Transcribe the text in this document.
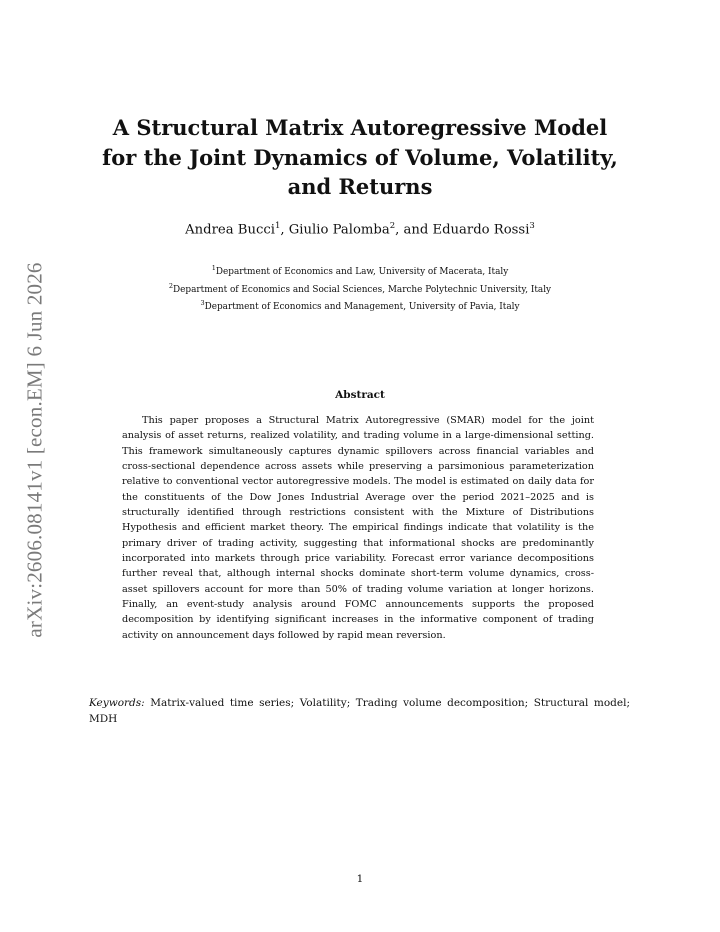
arXiv:2606.08141v1 [econ.EM] 6 Jun 2026
A Structural Matrix Autoregressive Model
for the Joint Dynamics of Volume, Volatility,
and Returns
Andrea Bucci$^1$, Giulio Palomba$^2$, and Eduardo Rossi$^3$
$^1$Department of Economics and Law, University of Macerata, Italy
$^2$Department of Economics and Social Sciences, Marche Polytechnic University, Italy
$^3$Department of Economics and Management, University of Pavia, Italy
Abstract

This paper proposes a Structural Matrix Autoregressive (SMAR) model for the joint analysis of asset returns, realized volatility, and trading volume in a large-dimensional setting. This framework simultaneously captures dynamic spillovers across financial variables and cross-sectional dependence across assets while preserving a parsimonious parameterization relative to conventional vector autoregressive models. The model is estimated on daily data for the constituents of the Dow Jones Industrial Average over the period 2021–2025 and is structurally identified through restrictions consistent with the Mixture of Distributions Hypothesis and efficient market theory. The empirical findings indicate that volatility is the primary driver of trading activity, suggesting that informational shocks are predominantly incorporated into markets through price variability. Forecast error variance decompositions further reveal that, although internal shocks dominate short-term volume dynamics, cross-asset spillovers account for more than 50% of trading volume variation at longer horizons. Finally, an event-study analysis around FOMC announcements supports the proposed decomposition by identifying significant increases in the informative component of trading activity on announcement days followed by rapid mean reversion.

Keywords: Matrix-valued time series; Volatility; Trading volume decomposition; Structural model; MDH
1
